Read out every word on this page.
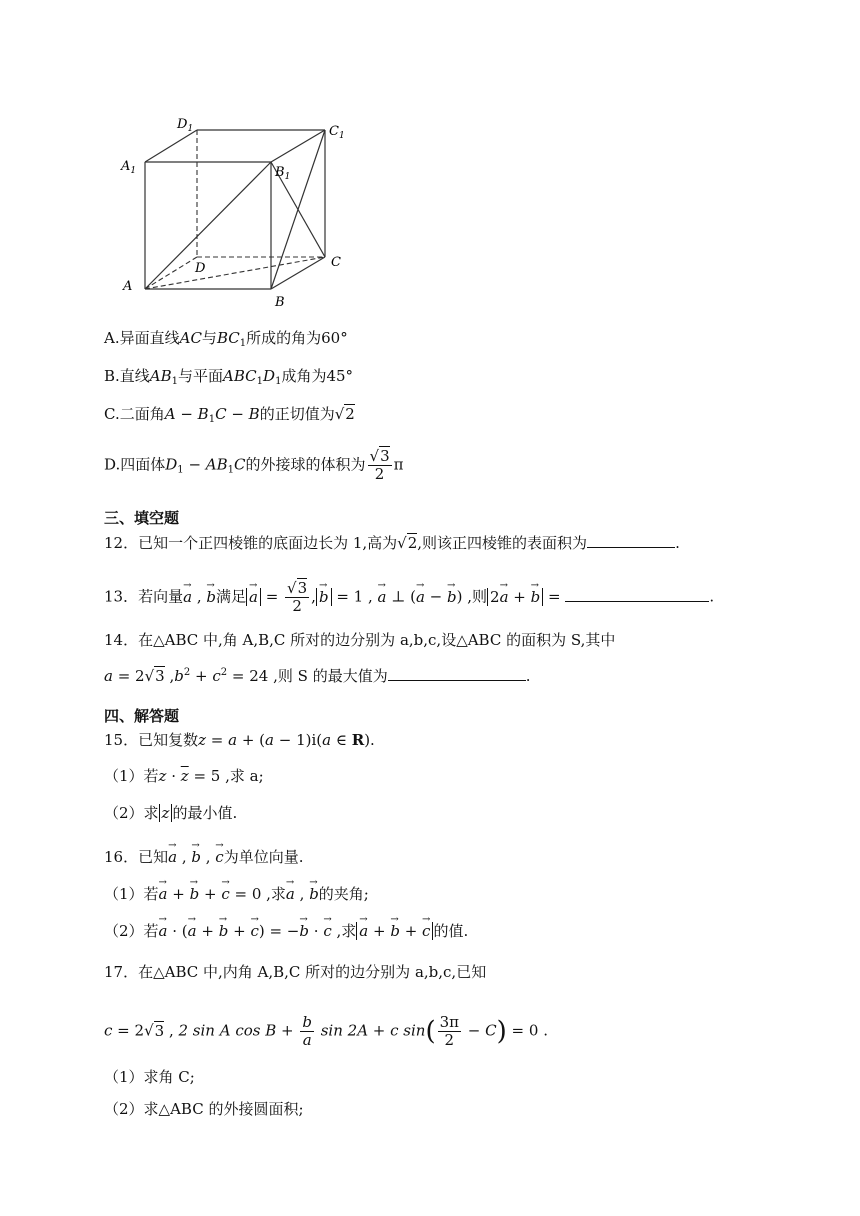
A
B
C
D
$A_1$	$B_1$
$C_1$
$D_1$
A.异面直线AC与$BC_1$所成的角为60°
B.直线$AB_1$与平面$ABC_1D_1$成角为45°
C.二面角$A - B_1C - B$的正切值为√2
D.四面体$D_1 - AB_1C$的外接球的体积为 $\frac{√3}{2}$ π
三、填空题
12．已知一个正四棱锥的底面边长为 1,高为√2,则该正四棱锥的表面积为	.
13．若向量→ a , → b满足 → $a = \frac{√3}{2}$ , → b = 1 , → a ⊥ (→ a − → b) ,则 2→ a + → b =	.
14．在△ABC 中,角 A,B,C 所对的边分别为 a,b,c,设△ABC 的面积为 S,其中
a = 2√3 $,b^2 + c^2 = 24$ ,则 S 的最大值为	.
四、解答题
15．已知复数z = a + (a − 1)i(a ∈ R).
（1）若$z \cdot \overline{z} = 5$ ,求 a;
（2）求 z 的最小值.
16．已知→ a , → b , → c为单位向量.
（1）若→ a + → b + → c = 0 ,求→ a , → b的夹角;
（2）若→ a · (→ a + → b + → c) = −→ b · → c ,求 → a + → b + → c 的值.
17．在△ABC 中,内角 A,B,C 所对的边分别为 a,b,c,已知
c = 2√3 , 2 sin A $\cos B + \frac{b}{a}$ sin 2A + c $\sin( \frac{3\pi}{2} - C) = 0$ .
（1）求角 C;
（2）求△ABC 的外接圆面积;
